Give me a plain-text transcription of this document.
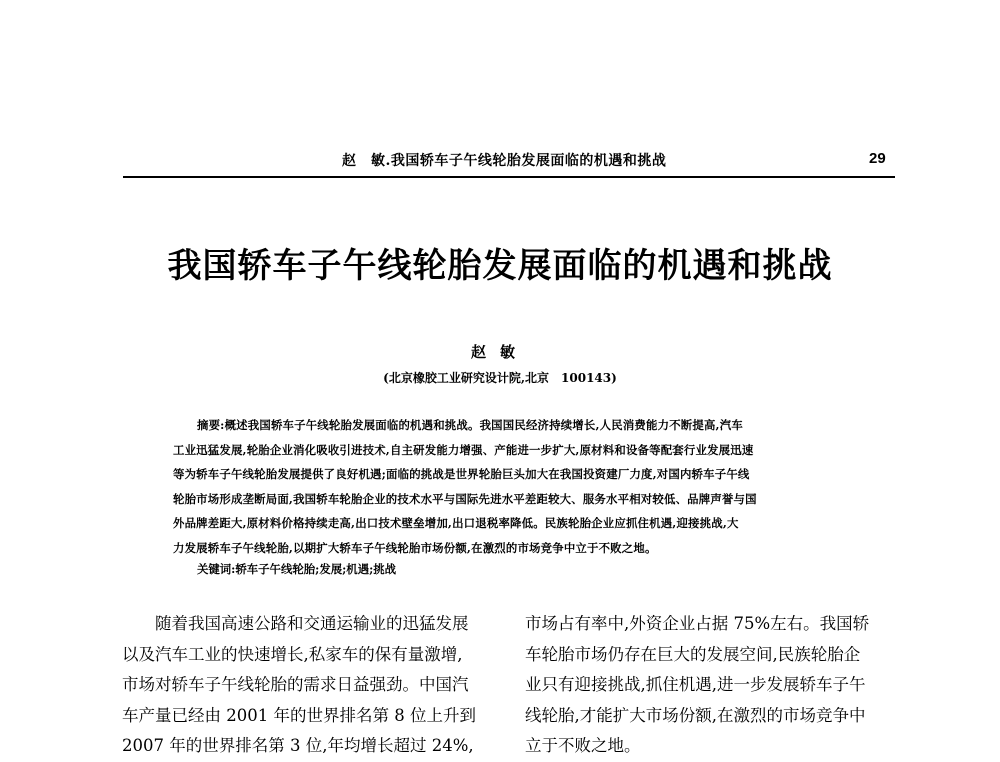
赵　敏.我国轿车子午线轮胎发展面临的机遇和挑战	29
我国轿车子午线轮胎发展面临的机遇和挑战
赵敏
(北京橡胶工业研究设计院,北京　100143)
摘要:概述我国轿车子午线轮胎发展面临的机遇和挑战。我国国民经济持续增长,人民消费能力不断提高,汽车
工业迅猛发展,轮胎企业消化吸收引进技术,自主研发能力增强、产能进一步扩大,原材料和设备等配套行业发展迅速
等为轿车子午线轮胎发展提供了良好机遇;面临的挑战是世界轮胎巨头加大在我国投资建厂力度,对国内轿车子午线
轮胎市场形成垄断局面,我国轿车轮胎企业的技术水平与国际先进水平差距较大、服务水平相对较低、品牌声誉与国
外品牌差距大,原材料价格持续走高,出口技术壁垒增加,出口退税率降低。民族轮胎企业应抓住机遇,迎接挑战,大
力发展轿车子午线轮胎,以期扩大轿车子午线轮胎市场份额,在激烈的市场竞争中立于不败之地。
关键词:轿车子午线轮胎;发展;机遇;挑战
随着我国高速公路和交通运输业的迅猛发展
以及汽车工业的快速增长,私家车的保有量激增,
市场对轿车子午线轮胎的需求日益强劲。中国汽
车产量已经由 2001 年的世界排名第 8 位上升到
2007 年的世界排名第 3 位,年均增长超过 24%,
市场占有率中,外资企业占据 75%左右。我国轿
车轮胎市场仍存在巨大的发展空间,民族轮胎企
业只有迎接挑战,抓住机遇,进一步发展轿车子午
线轮胎,才能扩大市场份额,在激烈的市场竞争中
立于不败之地。
